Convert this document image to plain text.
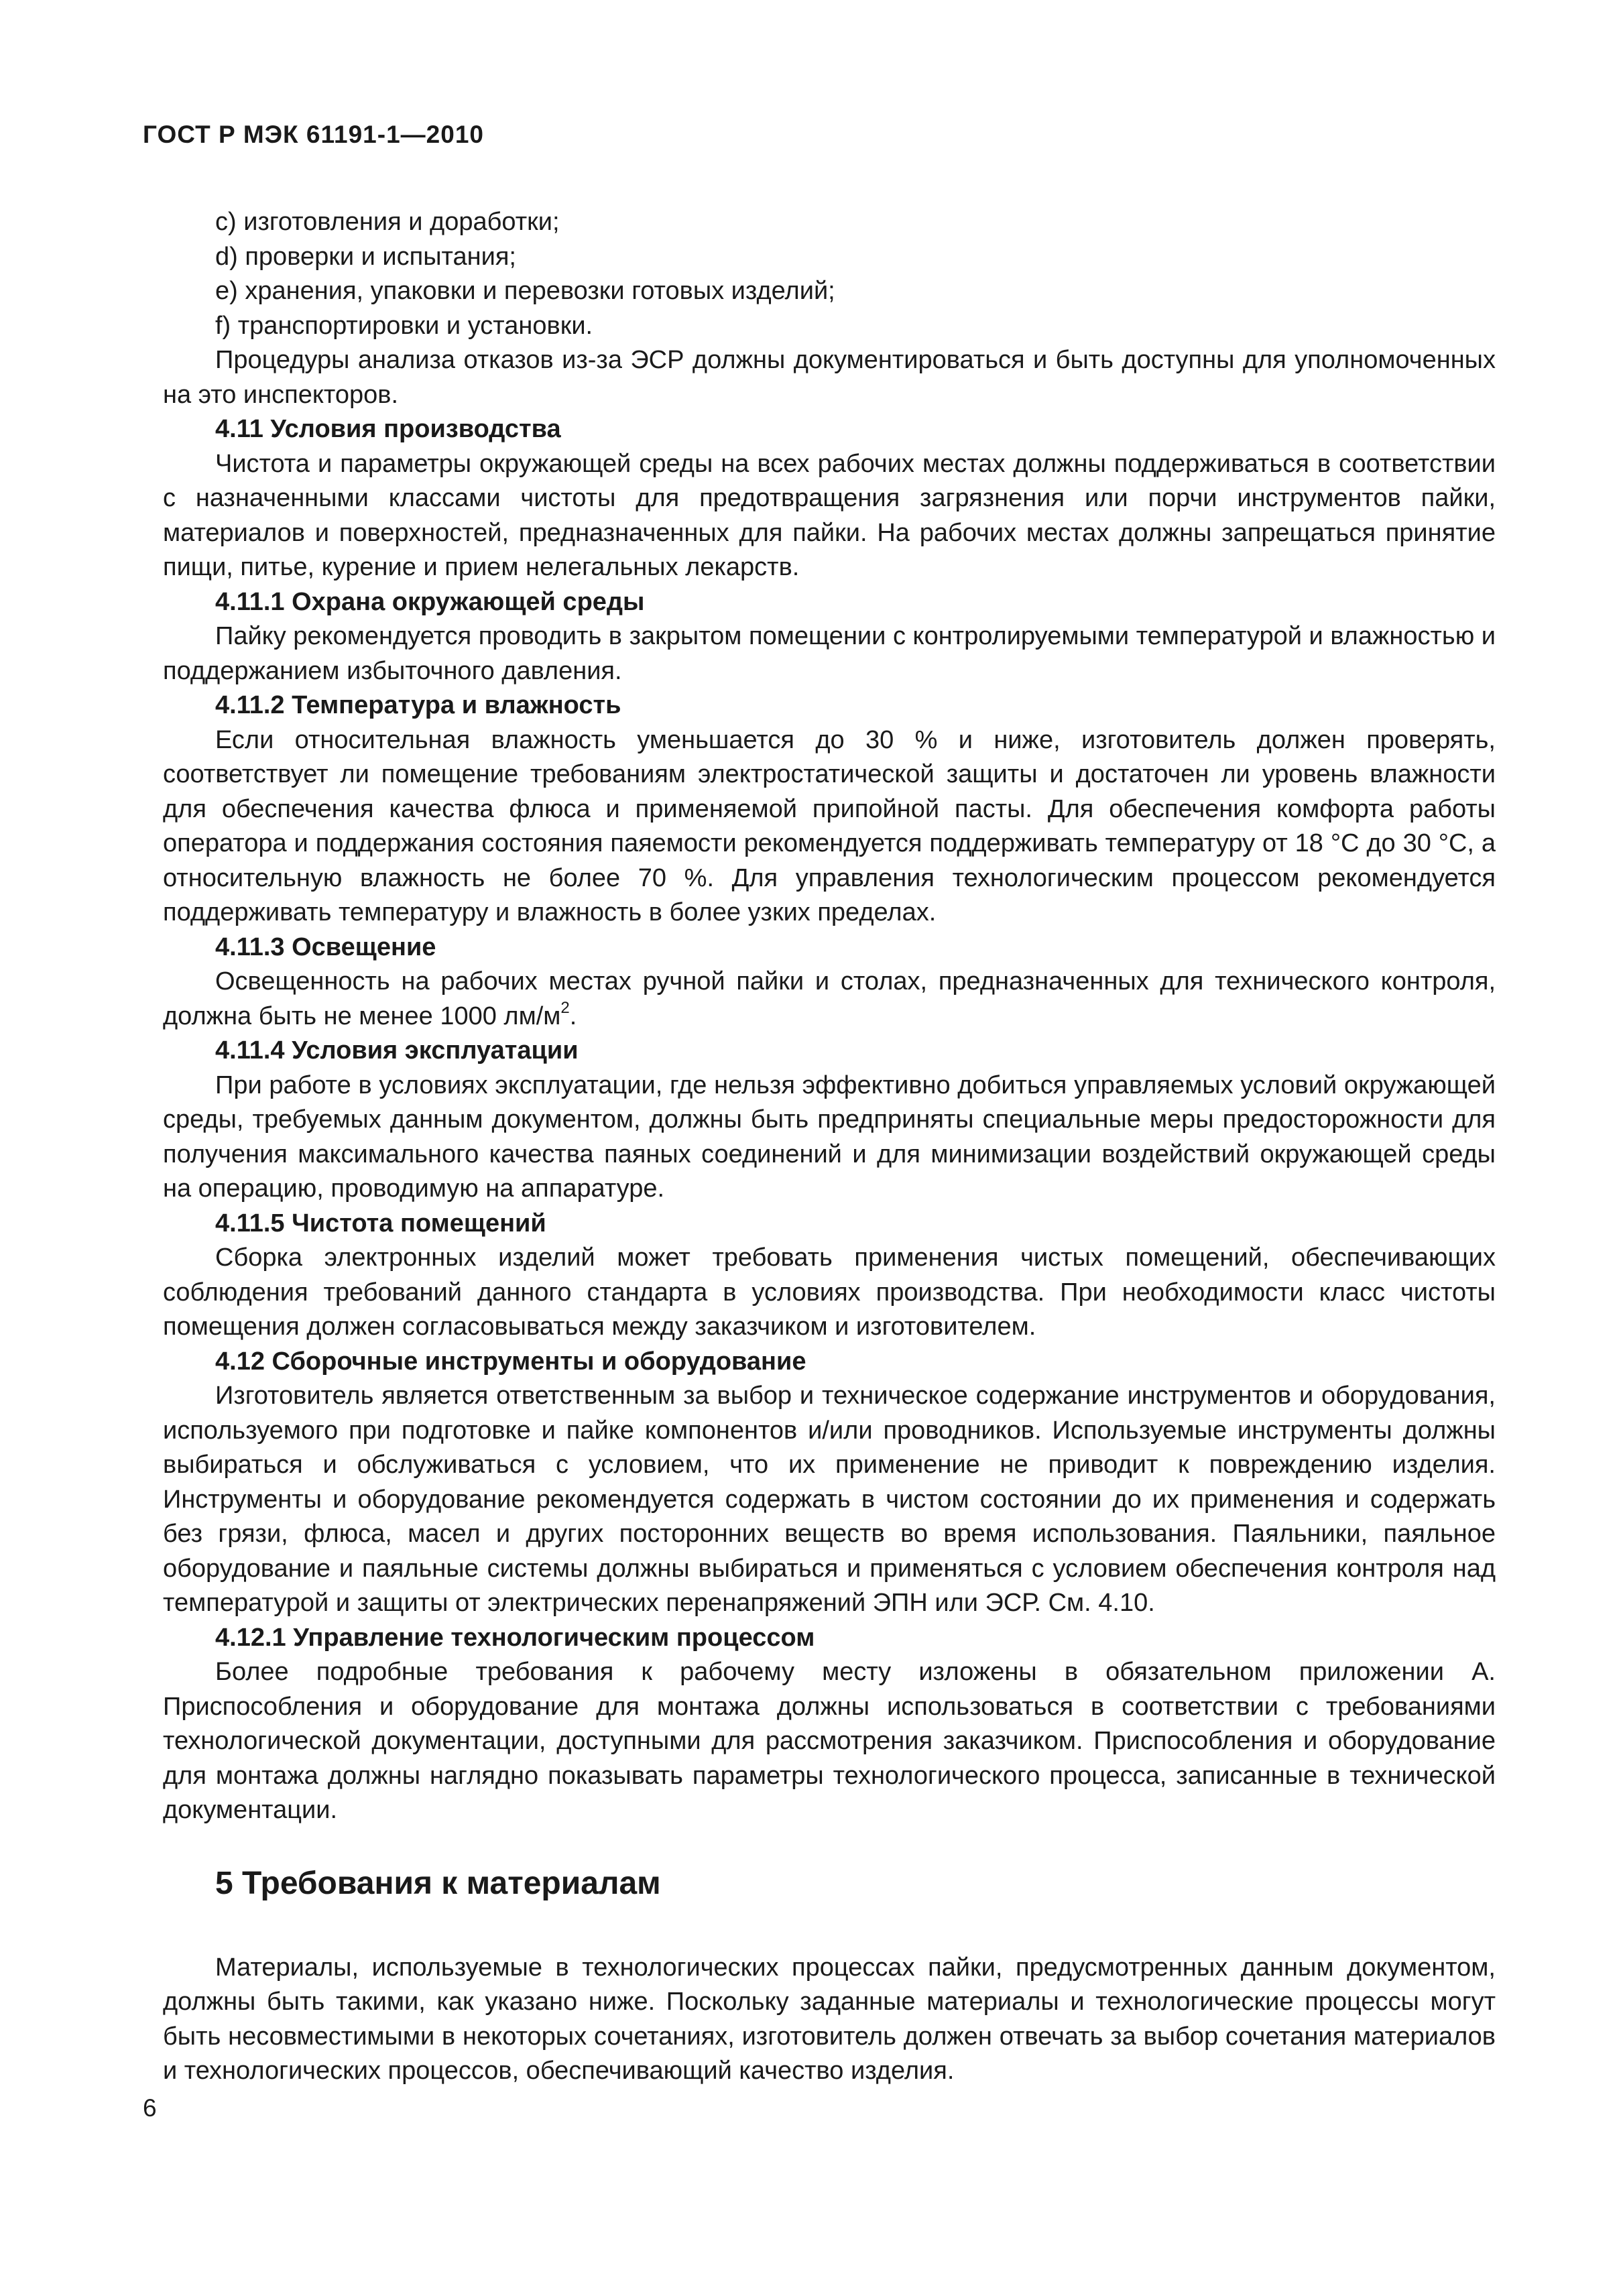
ГОСТ Р МЭК 61191-1—2010

c) изготовления и доработки;

d) проверки и испытания;

e) хранения, упаковки и перевозки готовых изделий;

f) транспортировки и установки.

Процедуры анализа отказов из-за ЭСР должны документироваться и быть доступны для уполномоченных на это инспекторов.

4.11 Условия производства

Чистота и параметры окружающей среды на всех рабочих местах должны поддерживаться в соответствии с назначенными классами чистоты для предотвращения загрязнения или порчи инструментов пайки, материалов и поверхностей, предназначенных для пайки. На рабочих местах должны запрещаться принятие пищи, питье, курение и прием нелегальных лекарств.

4.11.1 Охрана окружающей среды

Пайку рекомендуется проводить в закрытом помещении с контролируемыми температурой и влажностью и поддержанием избыточного давления.

4.11.2 Температура и влажность

Если относительная влажность уменьшается до 30 % и ниже, изготовитель должен проверять, соответствует ли помещение требованиям электростатической защиты и достаточен ли уровень влажности для обеспечения качества флюса и применяемой припойной пасты. Для обеспечения комфорта работы оператора и поддержания состояния паяемости рекомендуется поддерживать температуру от 18 °С до 30 °С, а относительную влажность не более 70 %. Для управления технологическим процессом рекомендуется поддерживать температуру и влажность в более узких пределах.

4.11.3 Освещение

Освещенность на рабочих местах ручной пайки и столах, предназначенных для технического контроля, должна быть не менее 1000 $лм/м^2$.

4.11.4 Условия эксплуатации

При работе в условиях эксплуатации, где нельзя эффективно добиться управляемых условий окружающей среды, требуемых данным документом, должны быть предприняты специальные меры предосторожности для получения максимального качества паяных соединений и для минимизации воздействий окружающей среды на операцию, проводимую на аппаратуре.

4.11.5 Чистота помещений

Сборка электронных изделий может требовать применения чистых помещений, обеспечивающих соблюдения требований данного стандарта в условиях производства. При необходимости класс чистоты помещения должен согласовываться между заказчиком и изготовителем.

4.12 Сборочные инструменты и оборудование

Изготовитель является ответственным за выбор и техническое содержание инструментов и оборудования, используемого при подготовке и пайке компонентов и/или проводников. Используемые инструменты должны выбираться и обслуживаться с условием, что их применение не приводит к повреждению изделия. Инструменты и оборудование рекомендуется содержать в чистом состоянии до их применения и содержать без грязи, флюса, масел и других посторонних веществ во время использования. Паяльники, паяльное оборудование и паяльные системы должны выбираться и применяться с условием обеспечения контроля над температурой и защиты от электрических перенапряжений ЭПН или ЭСР. См. 4.10.

4.12.1 Управление технологическим процессом

Более подробные требования к рабочему месту изложены в обязательном приложении А. Приспособления и оборудование для монтажа должны использоваться в соответствии с требованиями технологической документации, доступными для рассмотрения заказчиком. Приспособления и оборудование для монтажа должны наглядно показывать параметры технологического процесса, записанные в технической документации.

5 Требования к материалам

Материалы, используемые в технологических процессах пайки, предусмотренных данным документом, должны быть такими, как указано ниже. Поскольку заданные материалы и технологические процессы могут быть несовместимыми в некоторых сочетаниях, изготовитель должен отвечать за выбор сочетания материалов и технологических процессов, обеспечивающий качество изделия.

6
